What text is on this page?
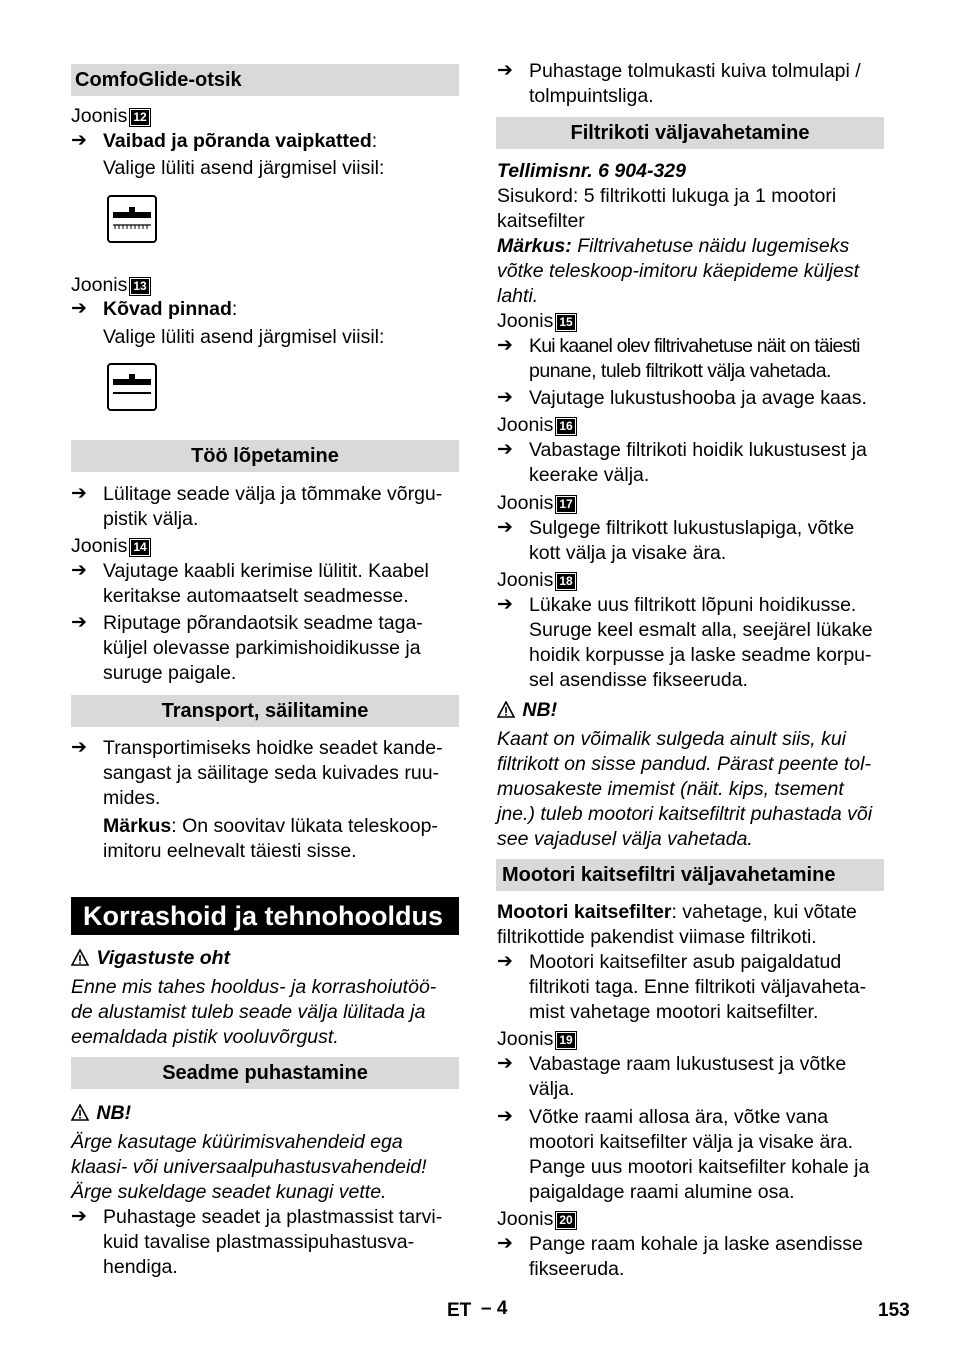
ComfoGlide-otsik
Joonis 12
➔ Vaibad ja põranda vaipkatted:
Valige lüliti asend järgmisel viisil:
Joonis 13
➔ Kõvad pinnad:
Valige lüliti asend järgmisel viisil:
Töö lõpetamine
➔ Lülitage seade välja ja tõmmake võrgu-
pistik välja.
Joonis 14
➔ Vajutage kaabli kerimise lülitit. Kaabel
keritakse automaatselt seadmesse.
➔ Riputage põrandaotsik seadme taga-
küljel olevasse parkimishoidikusse ja
suruge paigale.
Transport, säilitamine
➔ Transportimiseks hoidke seadet kande-
sangast ja säilitage seda kuivades ruu-
mides.
Märkus: On soovitav lükata teleskoop-
imitoru eelnevalt täiesti sisse.
Korrashoid ja tehnohooldus
Vigastuste oht
Enne mis tahes hooldus- ja korrashoiutöö-
de alustamist tuleb seade välja lülitada ja
eemaldada pistik vooluvõrgust.
Seadme puhastamine
NB!
Ärge kasutage küürimisvahendeid ega
klaasi- või universaalpuhastusvahendeid!
Ärge sukeldage seadet kunagi vette.
➔ Puhastage seadet ja plastmassist tarvi-
kuid tavalise plastmassipuhastusva-
hendiga.
➔ Puhastage tolmukasti kuiva tolmulapi /
tolmpuintsliga.
Filtrikoti väljavahetamine
Tellimisnr. 6 904-329
Sisukord: 5 filtrikotti lukuga ja 1 mootori
kaitsefilter
Märkus: Filtrivahetuse näidu lugemiseks
võtke teleskoop-imitoru käepideme küljest
lahti.
Joonis 15
➔ Kui kaanel olev filtrivahetuse näit on täiesti
punane, tuleb filtrikott välja vahetada.
➔ Vajutage lukustushooba ja avage kaas.
Joonis 16
➔ Vabastage filtrikoti hoidik lukustusest ja
keerake välja.
Joonis 17
➔ Sulgege filtrikott lukustuslapiga, võtke
kott välja ja visake ära.
Joonis 18
➔ Lükake uus filtrikott lõpuni hoidikusse.
Suruge keel esmalt alla, seejärel lükake
hoidik korpusse ja laske seadme korpu-
sel asendisse fikseeruda.
NB!
Kaant on võimalik sulgeda ainult siis, kui
filtrikott on sisse pandud. Pärast peente tol-
muosakeste imemist (näit. kips, tsement
jne.) tuleb mootori kaitsefiltrit puhastada või
see vajadusel välja vahetada.
Mootori kaitsefiltri väljavahetamine
Mootori kaitsefilter: vahetage, kui võtate
filtrikottide pakendist viimase filtrikoti.
➔ Mootori kaitsefilter asub paigaldatud
filtrikoti taga. Enne filtrikoti väljavaheta-
mist vahetage mootori kaitsefilter.
Joonis 19
➔ Vabastage raam lukustusest ja võtke
välja.
➔ Võtke raami allosa ära, võtke vana
mootori kaitsefilter välja ja visake ära.
Pange uus mootori kaitsefilter kohale ja
paigaldage raami alumine osa.
Joonis 20
➔ Pange raam kohale ja laske asendisse
fikseeruda.
ET – 4	153
